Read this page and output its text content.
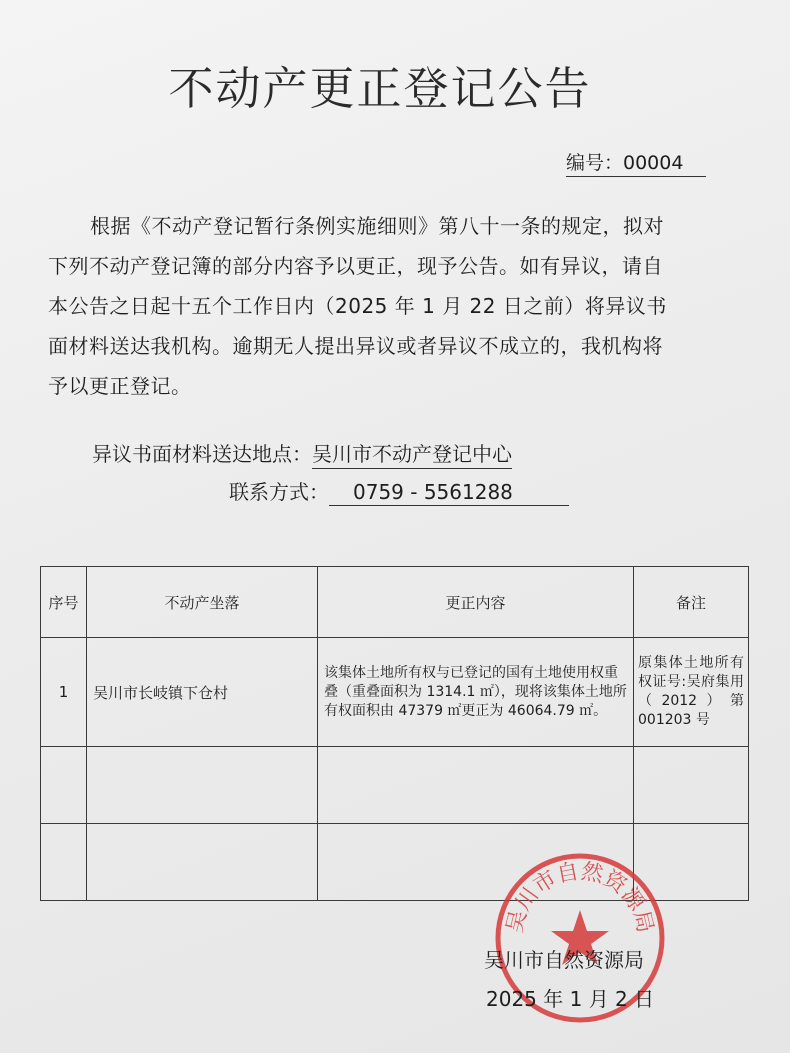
不动产更正登记公告
编号：00004

根据《不动产登记暂行条例实施细则》第八十一条的规定，拟对
下列不动产登记簿的部分内容予以更正，现予公告。如有异议，请自
本公告之日起十五个工作日内（2025 年 1 月 22 日之前）将异议书
面材料送达我机构。逾期无人提出异议或者异议不成立的，我机构将
予以更正登记。

异议书面材料送达地点：吴川市不动产登记中心
联系方式： 0759 - 5561288
序号	不动产坐落	更正内容	备注
1	吴川市长岐镇下仓村	该集体土地所有权与已登记的国有土地使用权重叠（重叠面积为 1314.1 ㎡），现将该集体土地所有权面积由 47379 ㎡更正为 46064.79 ㎡。	原集体土地所有权证号:吴府集用（2012）第 001203 号

吴川市自然资源局
吴川市自然资源局
2025 年 1 月 2 日
